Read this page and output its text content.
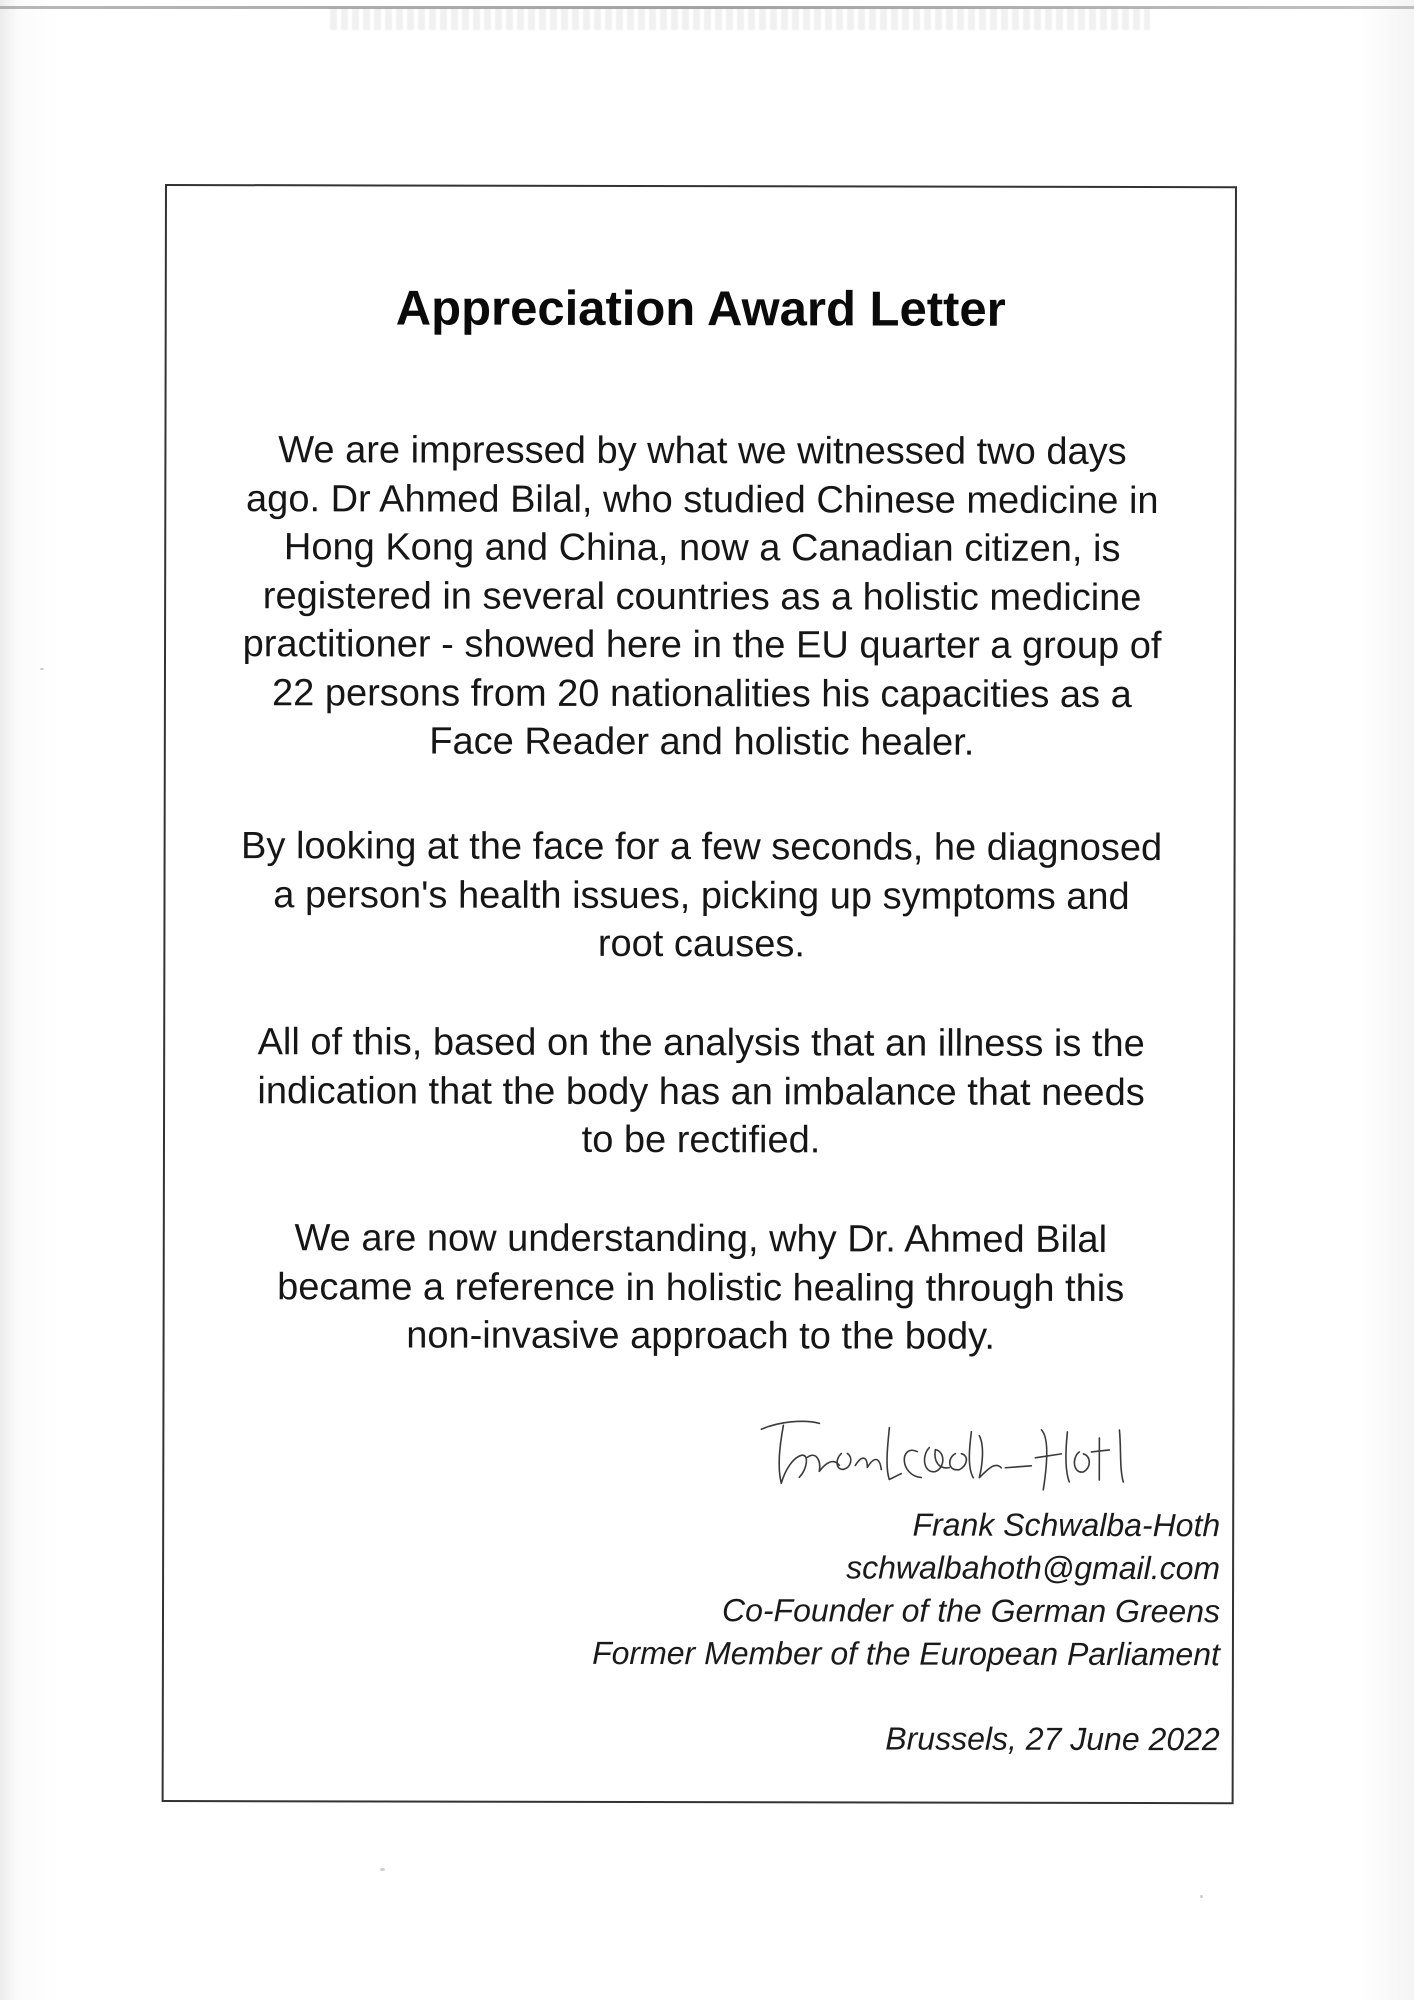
Appreciation Award Letter

We are impressed by what we witnessed two days
ago. Dr Ahmed Bilal, who studied Chinese medicine in
Hong Kong and China, now a Canadian citizen, is
registered in several countries as a holistic medicine
practitioner - showed here in the EU quarter a group of
22 persons from 20 nationalities his capacities as a
Face Reader and holistic healer.

By looking at the face for a few seconds, he diagnosed
a person's health issues, picking up symptoms and
root causes.

All of this, based on the analysis that an illness is the
indication that the body has an imbalance that needs
to be rectified.

We are now understanding, why Dr. Ahmed Bilal
became a reference in holistic healing through this
non-invasive approach to the body.

Frank Schwalba-Hoth
schwalbahoth@gmail.com
Co-Founder of the German Greens
Former Member of the European Parliament
Brussels, 27 June 2022
